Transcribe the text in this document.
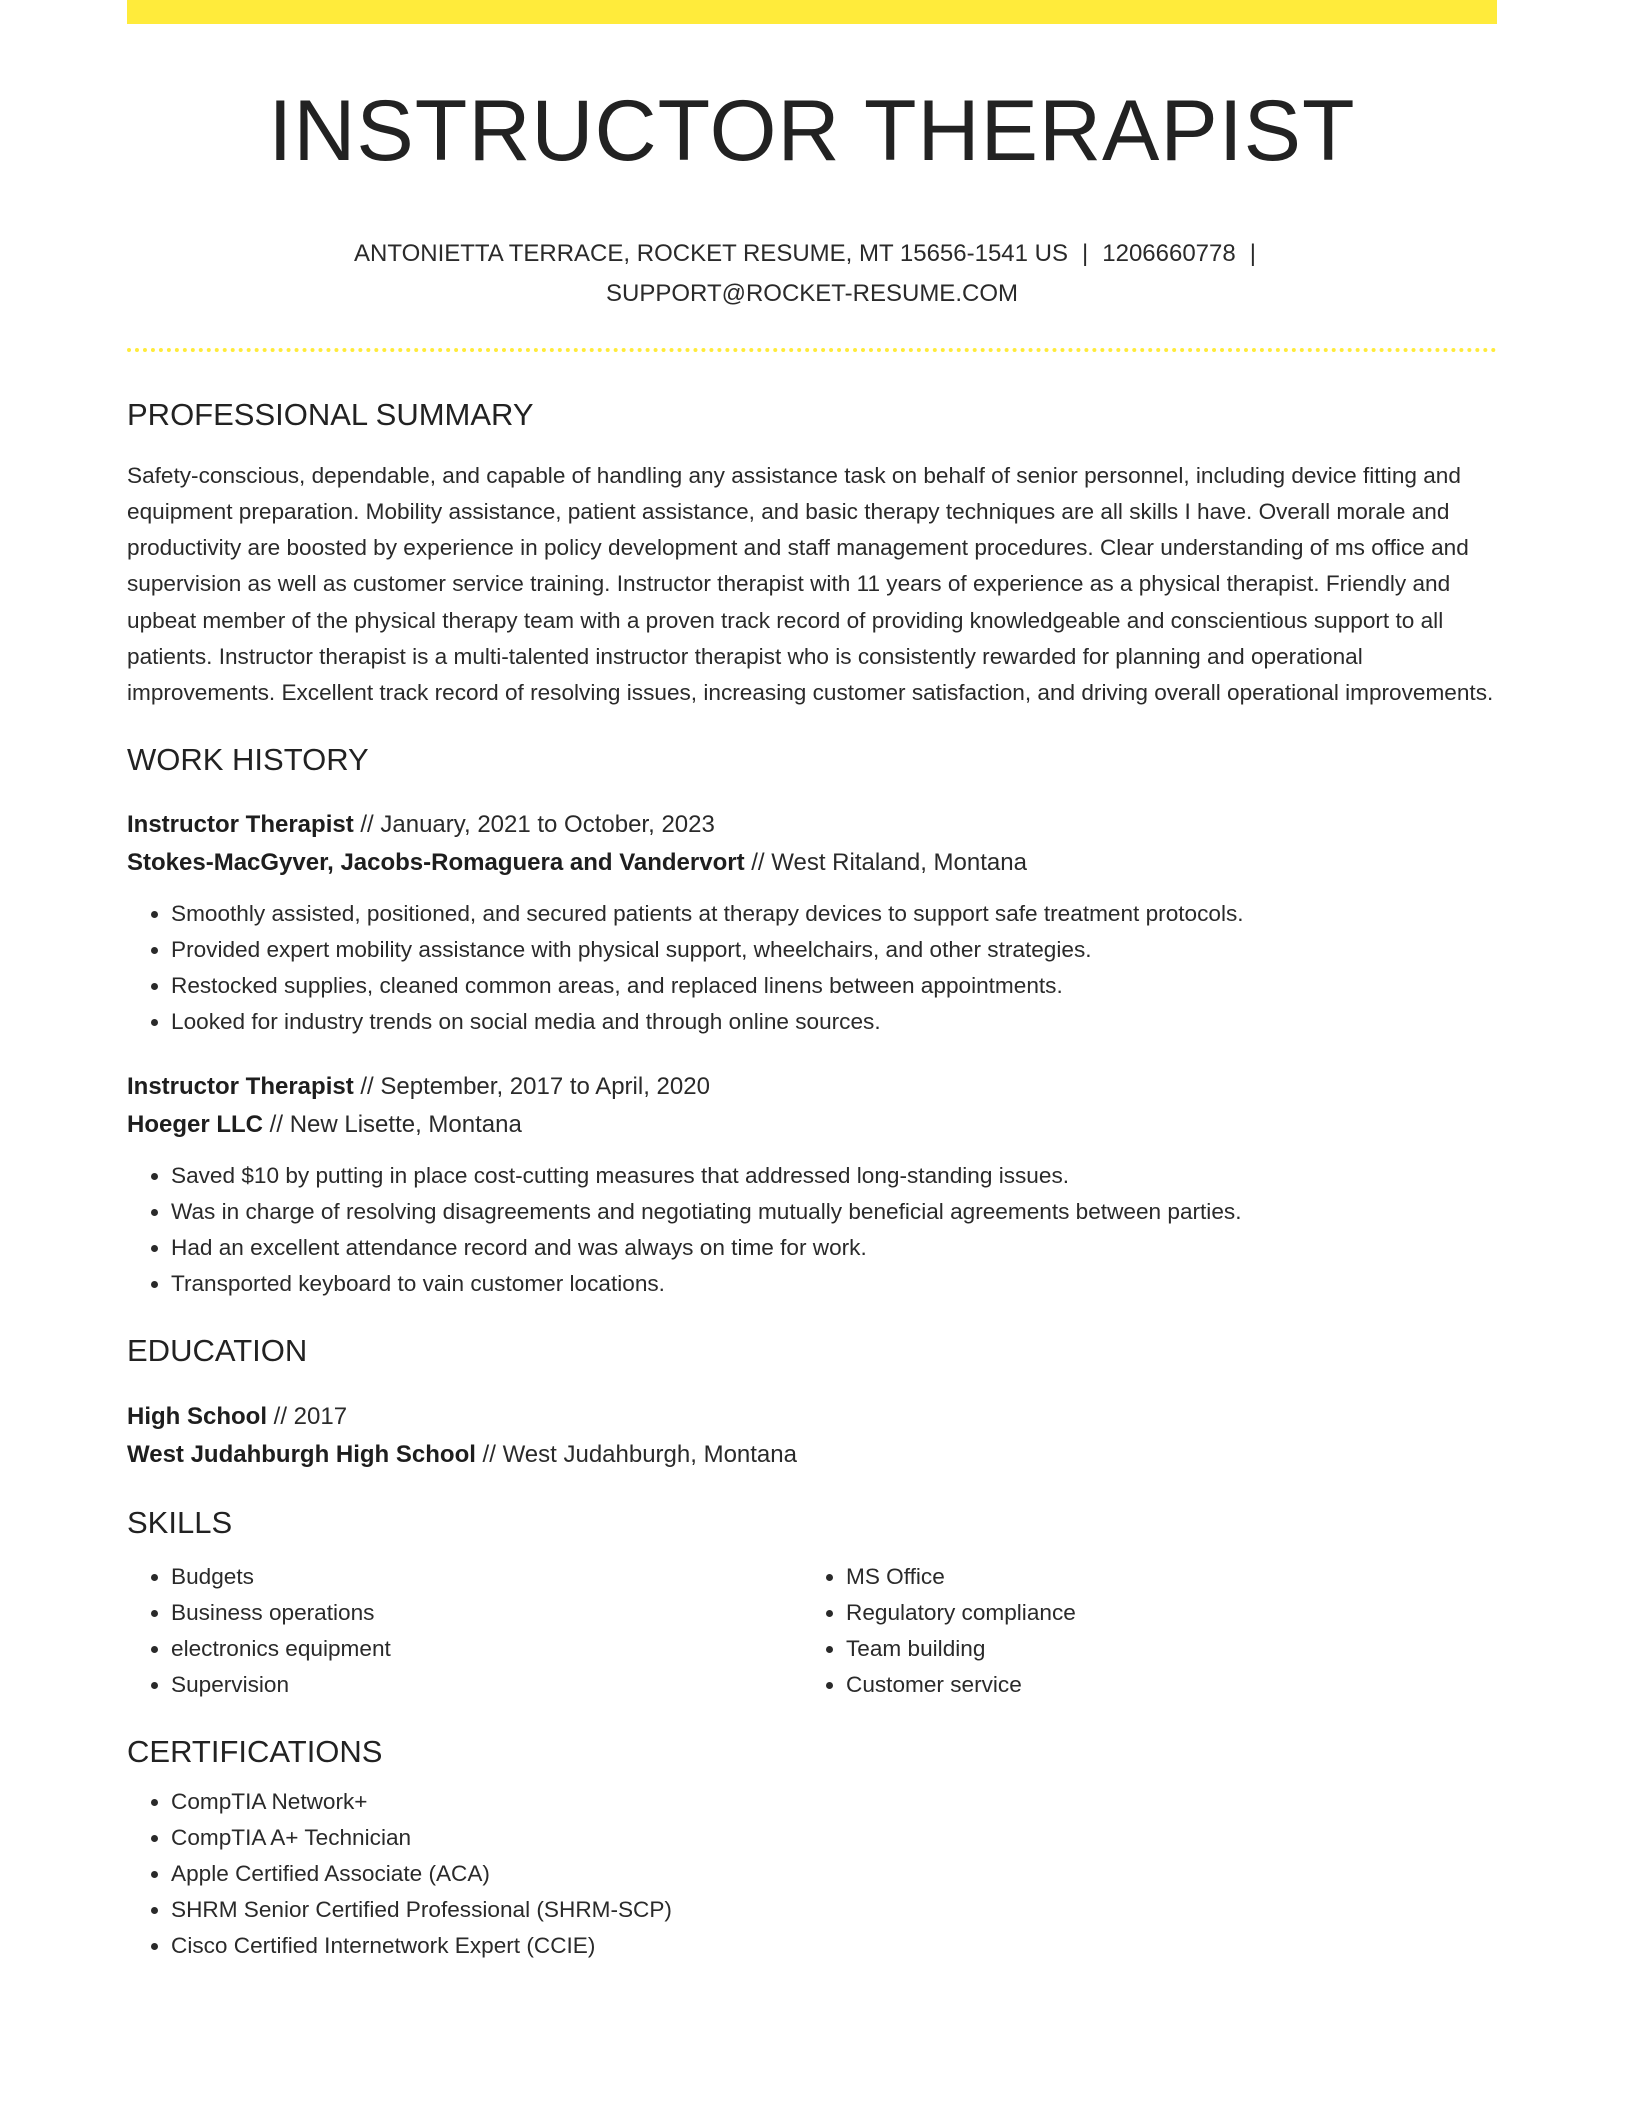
INSTRUCTOR THERAPIST
ANTONIETTA TERRACE, ROCKET RESUME, MT 15656-1541 US | 1206660778 |
SUPPORT@ROCKET-RESUME.COM
PROFESSIONAL SUMMARY
Safety-conscious, dependable, and capable of handling any assistance task on behalf of senior personnel, including device fitting and equipment preparation. Mobility assistance, patient assistance, and basic therapy techniques are all skills I have. Overall morale and productivity are boosted by experience in policy development and staff management procedures. Clear understanding of ms office and supervision as well as customer service training. Instructor therapist with 11 years of experience as a physical therapist. Friendly and upbeat member of the physical therapy team with a proven track record of providing knowledgeable and conscientious support to all patients. Instructor therapist is a multi-talented instructor therapist who is consistently rewarded for planning and operational improvements. Excellent track record of resolving issues, increasing customer satisfaction, and driving overall operational improvements.
WORK HISTORY
Instructor Therapist // January, 2021 to October, 2023
Stokes-MacGyver, Jacobs-Romaguera and Vandervort // West Ritaland, Montana
• Smoothly assisted, positioned, and secured patients at therapy devices to support safe treatment protocols.
• Provided expert mobility assistance with physical support, wheelchairs, and other strategies.
• Restocked supplies, cleaned common areas, and replaced linens between appointments.
• Looked for industry trends on social media and through online sources.
Instructor Therapist // September, 2017 to April, 2020
Hoeger LLC // New Lisette, Montana
• Saved $10 by putting in place cost-cutting measures that addressed long-standing issues.
• Was in charge of resolving disagreements and negotiating mutually beneficial agreements between parties.
• Had an excellent attendance record and was always on time for work.
• Transported keyboard to vain customer locations.
EDUCATION
High School // 2017
West Judahburgh High School // West Judahburgh, Montana
SKILLS
• Budgets
• Business operations
• electronics equipment
• Supervision
• MS Office
• Regulatory compliance
• Team building
• Customer service
CERTIFICATIONS
• CompTIA Network+
• CompTIA A+ Technician
• Apple Certified Associate (ACA)
• SHRM Senior Certified Professional (SHRM-SCP)
• Cisco Certified Internetwork Expert (CCIE)
